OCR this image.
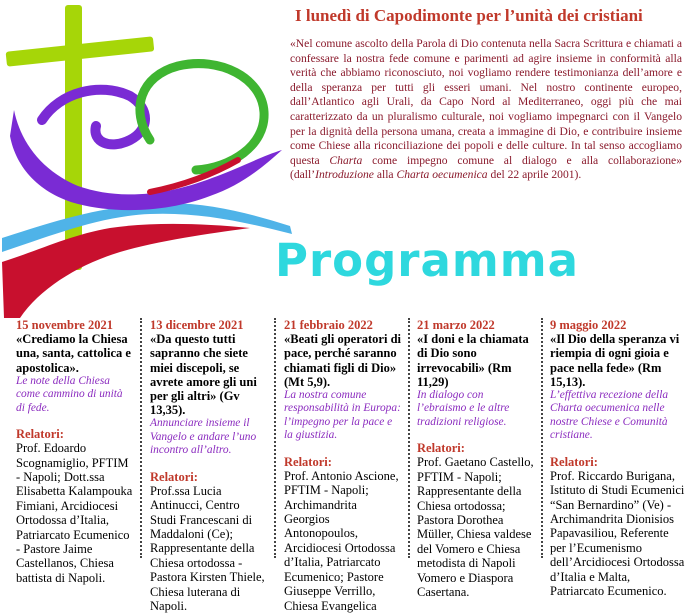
I lunedì di Capodimonte per l’unità dei cristiani
«Nel comune ascolto della Parola di Dio contenuta nella Sacra Scrittura e chiamati a confessare la nostra fede comune e parimenti ad agire insieme in conformità alla verità che abbiamo riconosciuto, noi vogliamo rendere testimonianza dell’amore e della speranza per tutti gli esseri umani. Nel nostro continente europeo, dall’Atlantico agli Urali, da Capo Nord al Mediterraneo, oggi più che mai caratterizzato da un pluralismo culturale, noi vogliamo impegnarci con il Vangelo per la dignità della persona umana, creata a immagine di Dio, e contribuire insieme come Chiese alla riconciliazione dei popoli e delle culture. In tal senso accogliamo questa Charta come impegno comune al dialogo e alla collaborazione» (dall’Introduzione alla Charta oecumenica del 22 aprile 2001).
Programma
15 novembre 2021
«Crediamo la Chiesa una, santa, cattolica e apostolica».
Le note della Chiesa come cammino di unità di fede.
Relatori:
Prof. Edoardo Scognamiglio, PFTIM - Napoli; Dott.ssa Elisabetta Kalampouka Fimiani, Arcidiocesi Ortodossa d’Italia, Patriarcato Ecumenico - Pastore Jaime Castellanos, Chiesa battista di Napoli.
13 dicembre 2021
«Da questo tutti sapranno che siete miei discepoli, se avrete amore gli uni per gli altri» (Gv 13,35).
Annunciare insieme il Vangelo e andare l’uno incontro all’altro.
Relatori:
Prof.ssa Lucia Antinucci, Centro Studi Francescani di Maddaloni (Ce); Rappresentante della Chiesa ortodossa - Pastora Kirsten Thiele, Chiesa luterana di Napoli.
21 febbraio 2022
«Beati gli operatori di pace, perché saranno chiamati figli di Dio» (Mt 5,9).
La nostra comune responsabilità in Europa: l’impegno per la pace e la giustizia.
Relatori:
Prof. Antonio Ascione, PFTIM - Napoli; Archimandrita Georgios Antonopoulos, Arcidiocesi Ortodossa d’Italia, Patriarcato Ecumenico; Pastore Giuseppe Verrillo, Chiesa Evangelica
21 marzo 2022
«I doni e la chiamata di Dio sono irrevocabili» (Rm 11,29)
In dialogo con l’ebraismo e le altre tradizioni religiose.
Relatori:
Prof. Gaetano Castello, PFTIM - Napoli; Rappresentante della Chiesa ortodossa; Pastora Dorothea Müller, Chiesa valdese del Vomero e Chiesa metodista di Napoli Vomero e Diaspora Casertana.
9 maggio 2022
«Il Dio della speranza vi riempia di ogni gioia e pace nella fede» (Rm 15,13).
L’effettiva recezione della Charta oecumenica nelle nostre Chiese e Comunità cristiane.
Relatori:
Prof. Riccardo Burigana, Istituto di Studi Ecumenici “San Bernardino” (Ve) - Archimandrita Dionisios Papavasiliou, Referente per l’Ecumenismo dell’Arcidiocesi Ortodossa d’Italia e Malta, Patriarcato Ecumenico.
